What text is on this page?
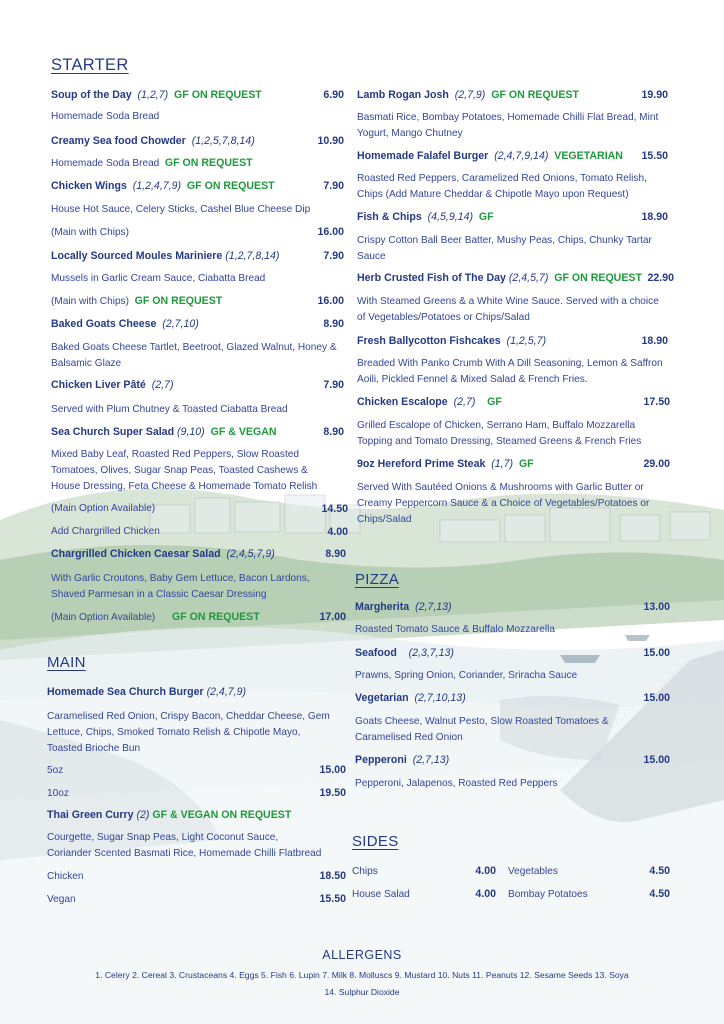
STARTER
Soup of the Day (1,2,7) GF ON REQUEST	6.90
Homemade Soda Bread
Creamy Sea food Chowder (1,2,5,7,8,14)	10.90
Homemade Soda Bread GF ON REQUEST
Chicken Wings (1,2,4,7,9) GF ON REQUEST	7.90
House Hot Sauce, Celery Sticks, Cashel Blue Cheese Dip
(Main with Chips)	16.00
Locally Sourced Moules Mariniere (1,2,7,8,14)	7.90
Mussels in Garlic Cream Sauce, Ciabatta Bread
(Main with Chips) GF ON REQUEST	16.00
Baked Goats Cheese (2,7,10)	8.90
Baked Goats Cheese Tartlet, Beetroot, Glazed Walnut, Honey &
Balsamic Glaze
Chicken Liver Pâté (2,7)	7.90
Served with Plum Chutney & Toasted Ciabatta Bread
Sea Church Super Salad (9,10) GF & VEGAN	8.90
Mixed Baby Leaf, Roasted Red Peppers, Slow Roasted
Tomatoes, Olives, Sugar Snap Peas, Toasted Cashews &
House Dressing, Feta Cheese & Homemade Tomato Relish
(Main Option Available)	14.50
Add Chargrilled Chicken	4.00
Chargrilled Chicken Caesar Salad (2,4,5,7,9)	8.90
With Garlic Croutons, Baby Gem Lettuce, Bacon Lardons,
Shaved Parmesan in a Classic Caesar Dressing
(Main Option Available) GF ON REQUEST	17.00
MAIN
Homemade Sea Church Burger (2,4,7,9)
Caramelised Red Onion, Crispy Bacon, Cheddar Cheese, Gem
Lettuce, Chips, Smoked Tomato Relish & Chipotle Mayo,
Toasted Brioche Bun
5oz	15.00
10oz	19.50
Thai Green Curry (2) GF & VEGAN ON REQUEST
Courgette, Sugar Snap Peas, Light Coconut Sauce,
Coriander Scented Basmati Rice, Homemade Chilli Flatbread
Chicken	18.50
Vegan	15.50
Lamb Rogan Josh (2,7,9) GF ON REQUEST	19.90
Basmati Rice, Bombay Potatoes, Homemade Chilli Flat Bread, Mint
Yogurt, Mango Chutney
Homemade Falafel Burger (2,4,7,9,14) VEGETARIAN	15.50
Roasted Red Peppers, Caramelized Red Onions, Tomato Relish,
Chips (Add Mature Cheddar & Chipotle Mayo upon Request)
Fish & Chips (4,5,9,14) GF	18.90
Crispy Cotton Ball Beer Batter, Mushy Peas, Chips, Chunky Tartar
Sauce
Herb Crusted Fish of The Day (2,4,5,7) GF ON REQUEST 22.90
With Steamed Greens & a White Wine Sauce. Served with a choice
of Vegetables/Potatoes or Chips/Salad
Fresh Ballycotton Fishcakes (1,2,5,7)	18.90
Breaded With Panko Crumb With A Dill Seasoning, Lemon & Saffron
Aoili, Pickled Fennel & Mixed Salad & French Fries.
Chicken Escalope (2,7) GF	17.50
Grilled Escalope of Chicken, Serrano Ham, Buffalo Mozzarella
Topping and Tomato Dressing, Steamed Greens & French Fries
9oz Hereford Prime Steak (1,7) GF	29.00
Served With Sautéed Onions & Mushrooms with Garlic Butter or
Creamy Peppercorn Sauce & a Choice of Vegetables/Potatoes or
Chips/Salad
PIZZA
Margherita (2,7,13)	13.00
Roasted Tomato Sauce & Buffalo Mozzarella
Seafood (2,3,7,13)	15.00
Prawns, Spring Onion, Coriander, Sriracha Sauce
Vegetarian (2,7,10,13)	15.00
Goats Cheese, Walnut Pesto, Slow Roasted Tomatoes &
Caramelised Red Onion
Pepperoni (2,7,13)	15.00
Pepperoni, Jalapenos, Roasted Red Peppers
SIDES
Chips	4.00 Vegetables	4.50
House Salad	4.00 Bombay Potatoes	4.50
ALLERGENS
1. Celery 2. Cereal 3. Crustaceans 4. Eggs 5. Fish 6. Lupin 7. Milk 8. Molluscs 9. Mustard 10. Nuts 11. Peanuts 12. Sesame Seeds 13. Soya
14. Sulphur Dioxide
